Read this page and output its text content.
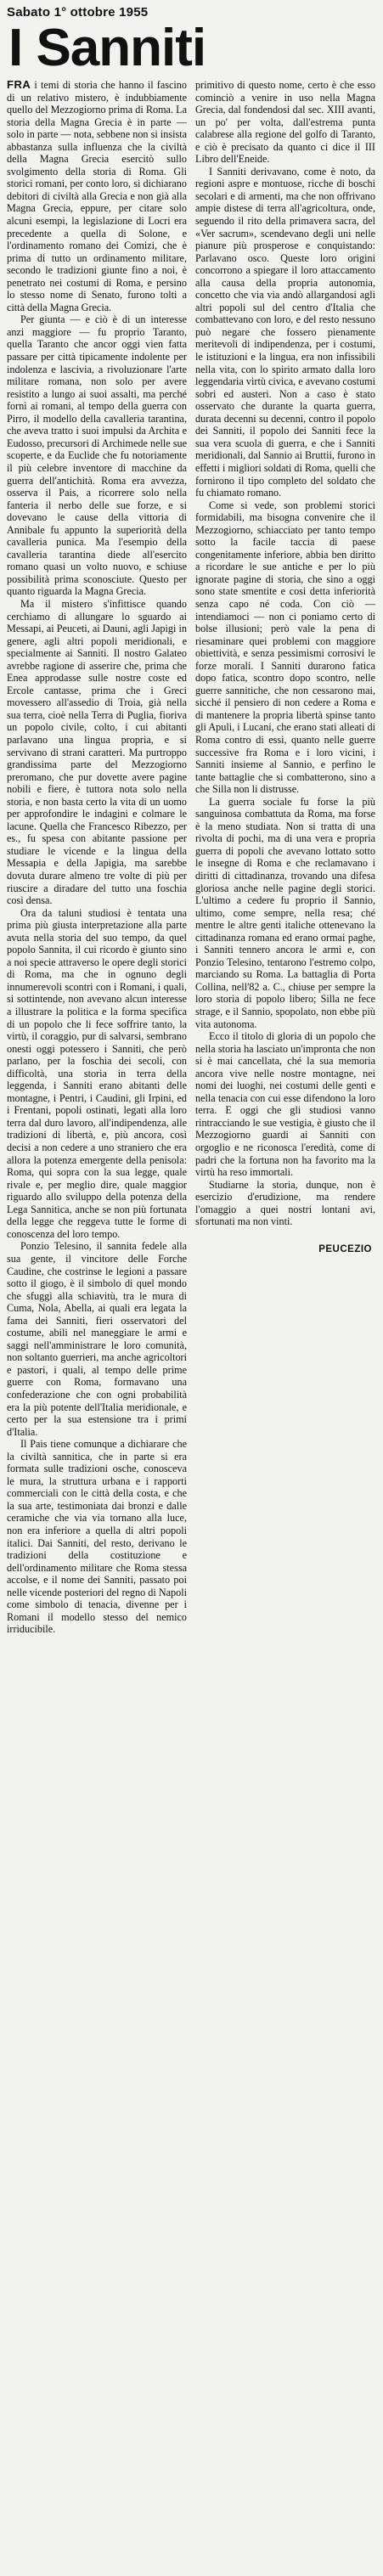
Sabato 1° ottobre 1955
I Sanniti

FRA i temi di storia che hanno il fascino di un relativo mistero, è indubbiamente quello del Mezzogiorno prima di Roma. La storia della Magna Grecia è in parte — solo in parte — nota, sebbene non si insista abbastanza sulla influenza che la civiltà della Magna Grecia esercitò sullo svolgimento della storia di Roma. Gli storici romani, per conto loro, si dichiarano debitori di civiltà alla Grecia e non già alla Magna Grecia, eppure, per citare solo alcuni esempi, la legislazione di Locri era precedente a quella di Solone, e l'ordinamento romano dei Comizi, che è prima di tutto un ordinamento militare, secondo le tradizioni giunte fino a noi, è penetrato nei costumi di Roma, e persino lo stesso nome di Senato, furono tolti a città della Magna Grecia.

Per giunta — e ciò è di un interesse anzi maggiore — fu proprio Taranto, quella Taranto che ancor oggi vien fatta passare per città tipicamente indolente per indolenza e lascivia, a rivoluzionare l'arte militare romana, non solo per avere resistito a lungo ai suoi assalti, ma perché fornì ai romani, al tempo della guerra con Pirro, il modello della cavalleria tarantina, che aveva tratto i suoi impulsi da Archita e Eudosso, precursori di Archimede nelle sue scoperte, e da Euclide che fu notoriamente il più celebre inventore di macchine da guerra dell'antichità. Roma era avvezza, osserva il Pais, a ricorrere solo nella fanteria il nerbo delle sue forze, e si dovevano le cause della vittoria di Annibale fu appunto la superiorità della cavalleria punica. Ma l'esempio della cavalleria tarantina diede all'esercito romano quasi un volto nuovo, e schiuse possibilità prima sconosciute. Questo per quanto riguarda la Magna Grecia.

Ma il mistero s'infittisce quando cerchiamo di allungare lo sguardo ai Messapi, ai Peuceti, ai Dauni, agli Japigi in genere, agli altri popoli meridionali, e specialmente ai Sanniti. Il nostro Galateo avrebbe ragione di asserire che, prima che Enea approdasse sulle nostre coste ed Ercole cantasse, prima che i Greci movessero all'assedio di Troia, già nella sua terra, cioè nella Terra di Puglia, fioriva un popolo civile, colto, i cui abitanti parlavano una lingua propria, e si servivano di strani caratteri. Ma purtroppo grandissima parte del Mezzogiorno preromano, che pur dovette avere pagine nobili e fiere, è tuttora nota solo nella storia, e non basta certo la vita di un uomo per approfondire le indagini e colmare le lacune. Quella che Francesco Ribezzo, per es., fu spesa con abitante passione per studiare le vicende e la lingua della Messapia e della Japigia, ma sarebbe dovuta durare almeno tre volte di più per riuscire a diradare del tutto una foschia così densa.

Ora da taluni studiosi è tentata una prima più giusta interpretazione alla parte avuta nella storia del suo tempo, da quel popolo Sannita, il cui ricordo è giunto sino a noi specie attraverso le opere degli storici di Roma, ma che in ognuno degli innumerevoli scontri con i Romani, i quali, si sottintende, non avevano alcun interesse a illustrare la politica e la forma specifica di un popolo che li fece soffrire tanto, la virtù, il coraggio, pur di salvarsi, sembrano onesti oggi potessero i Sanniti, che però parlano, per la foschia dei secoli, con difficoltà, una storia in terra della leggenda, i Sanniti erano abitanti delle montagne, i Pentri, i Caudini, gli Irpini, ed i Frentani, popoli ostinati, legati alla loro terra dal duro lavoro, all'indipendenza, alle tradizioni di libertà, e, più ancora, così decisi a non cedere a uno straniero che era allora la potenza emergente della penisola: Roma, qui sopra con la sua legge, quale rivale e, per meglio dire, quale maggior riguardo allo sviluppo della potenza della Lega Sannitica, anche se non più fortunata della legge che reggeva tutte le forme di conoscenza del loro tempo.

Ponzio Telesino, il sannita fedele alla sua gente, il vincitore delle Forche Caudine, che costrinse le legioni a passare sotto il giogo, è il simbolo di quel mondo che sfuggì alla schiavitù, tra le mura di Cuma, Nola, Abella, ai quali era legata la fama dei Sanniti, fieri osservatori del costume, abili nel maneggiare le armi e saggi nell'amministrare le loro comunità, non soltanto guerrieri, ma anche agricoltori e pastori, i quali, al tempo delle prime guerre con Roma, formavano una confederazione che con ogni probabilità era la più potente dell'Italia meridionale, e certo per la sua estensione tra i primi d'Italia.

Il Pais tiene comunque a dichiarare che la civiltà sannitica, che in parte si era formata sulle tradizioni osche, conosceva le mura, la struttura urbana e i rapporti commerciali con le città della costa, e che la sua arte, testimoniata dai bronzi e dalle ceramiche che via via tornano alla luce, non era inferiore a quella di altri popoli italici. Dai Sanniti, del resto, derivano le tradizioni della costituzione e dell'ordinamento militare che Roma stessa accolse, e il nome dei Sanniti, passato poi nelle vicende posteriori del regno di Napoli come simbolo di tenacia, divenne per i Romani il modello stesso del nemico irriducibile.

primitivo di questo nome, certo è che esso cominciò a venire in uso nella Magna Grecia, dal fondendosi dal sec. XIII avanti, un po' per volta, dall'estrema punta calabrese alla regione del golfo di Taranto, e ciò è precisato da quanto ci dice il III Libro dell'Eneide.

I Sanniti derivavano, come è noto, da regioni aspre e montuose, ricche di boschi secolari e di armenti, ma che non offrivano ampie distese di terra all'agricoltura, onde, seguendo il rito della primavera sacra, del «Ver sacrum», scendevano degli uni nelle pianure più prosperose e conquistando: Parlavano osco. Queste loro origini concorrono a spiegare il loro attaccamento alla causa della propria autonomia, concetto che via via andò allargandosi agli altri popoli sul del centro d'Italia che combattevano con loro, e del resto nessuno può negare che fossero pienamente meritevoli di indipendenza, per i costumi, le istituzioni e la lingua, era non infissibili nella vita, con lo spirito armato dalla loro leggendaria virtù civica, e avevano costumi sobri ed austeri. Non a caso è stato osservato che durante la quarta guerra, durata decenni su decenni, contro il popolo dei Sanniti, il popolo dei Sanniti fece la sua vera scuola di guerra, e che i Sanniti meridionali, dal Sannio ai Bruttii, furono in effetti i migliori soldati di Roma, quelli che fornirono il tipo completo del soldato che fu chiamato romano.

Come si vede, son problemi storici formidabili, ma bisogna convenire che il Mezzogiorno, schiacciato per tanto tempo sotto la facile taccia di paese congenitamente inferiore, abbia ben diritto a ricordare le sue antiche e per lo più ignorate pagine di storia, che sino a oggi sono state smentite e cosi detta inferiorità senza capo né coda. Con ciò — intendiamoci — non ci poniamo certo di bolse illusioni; però vale la pena di riesaminare quei problemi con maggiore obiettività, e senza pessimismi corrosivi le forze morali. I Sanniti durarono fatica dopo fatica, scontro dopo scontro, nelle guerre sannitiche, che non cessarono mai, sicché il pensiero di non cedere a Roma e di mantenere la propria libertà spinse tanto gli Apuli, i Lucani, che erano stati alleati di Roma contro di essi, quanto nelle guerre successive fra Roma e i loro vicini, i Sanniti insieme al Sannio, e perfino le tante battaglie che si combatterono, sino a che Silla non li distrusse.

La guerra sociale fu forse la più sanguinosa combattuta da Roma, ma forse è la meno studiata. Non si tratta di una rivolta di pochi, ma di una vera e propria guerra di popoli che avevano lottato sotto le insegne di Roma e che reclamavano i diritti di cittadinanza, trovando una difesa gloriosa anche nelle pagine degli storici. L'ultimo a cedere fu proprio il Sannio, ultimo, come sempre, nella resa; ché mentre le altre genti italiche ottenevano la cittadinanza romana ed erano ormai paghe, i Sanniti tennero ancora le armi e, con Ponzio Telesino, tentarono l'estremo colpo, marciando su Roma. La battaglia di Porta Collina, nell'82 a. C., chiuse per sempre la loro storia di popolo libero; Silla ne fece strage, e il Sannio, spopolato, non ebbe più vita autonoma.

Ecco il titolo di gloria di un popolo che nella storia ha lasciato un'impronta che non si è mai cancellata, ché la sua memoria ancora vive nelle nostre montagne, nei nomi dei luoghi, nei costumi delle genti e nella tenacia con cui esse difendono la loro terra. E oggi che gli studiosi vanno rintracciando le sue vestigia, è giusto che il Mezzogiorno guardi ai Sanniti con orgoglio e ne riconosca l'eredità, come di padri che la fortuna non ha favorito ma la virtù ha reso immortali.

Studiarne la storia, dunque, non è esercizio d'erudizione, ma rendere l'omaggio a quei nostri lontani avi, sfortunati ma non vinti.

PEUCEZIO
